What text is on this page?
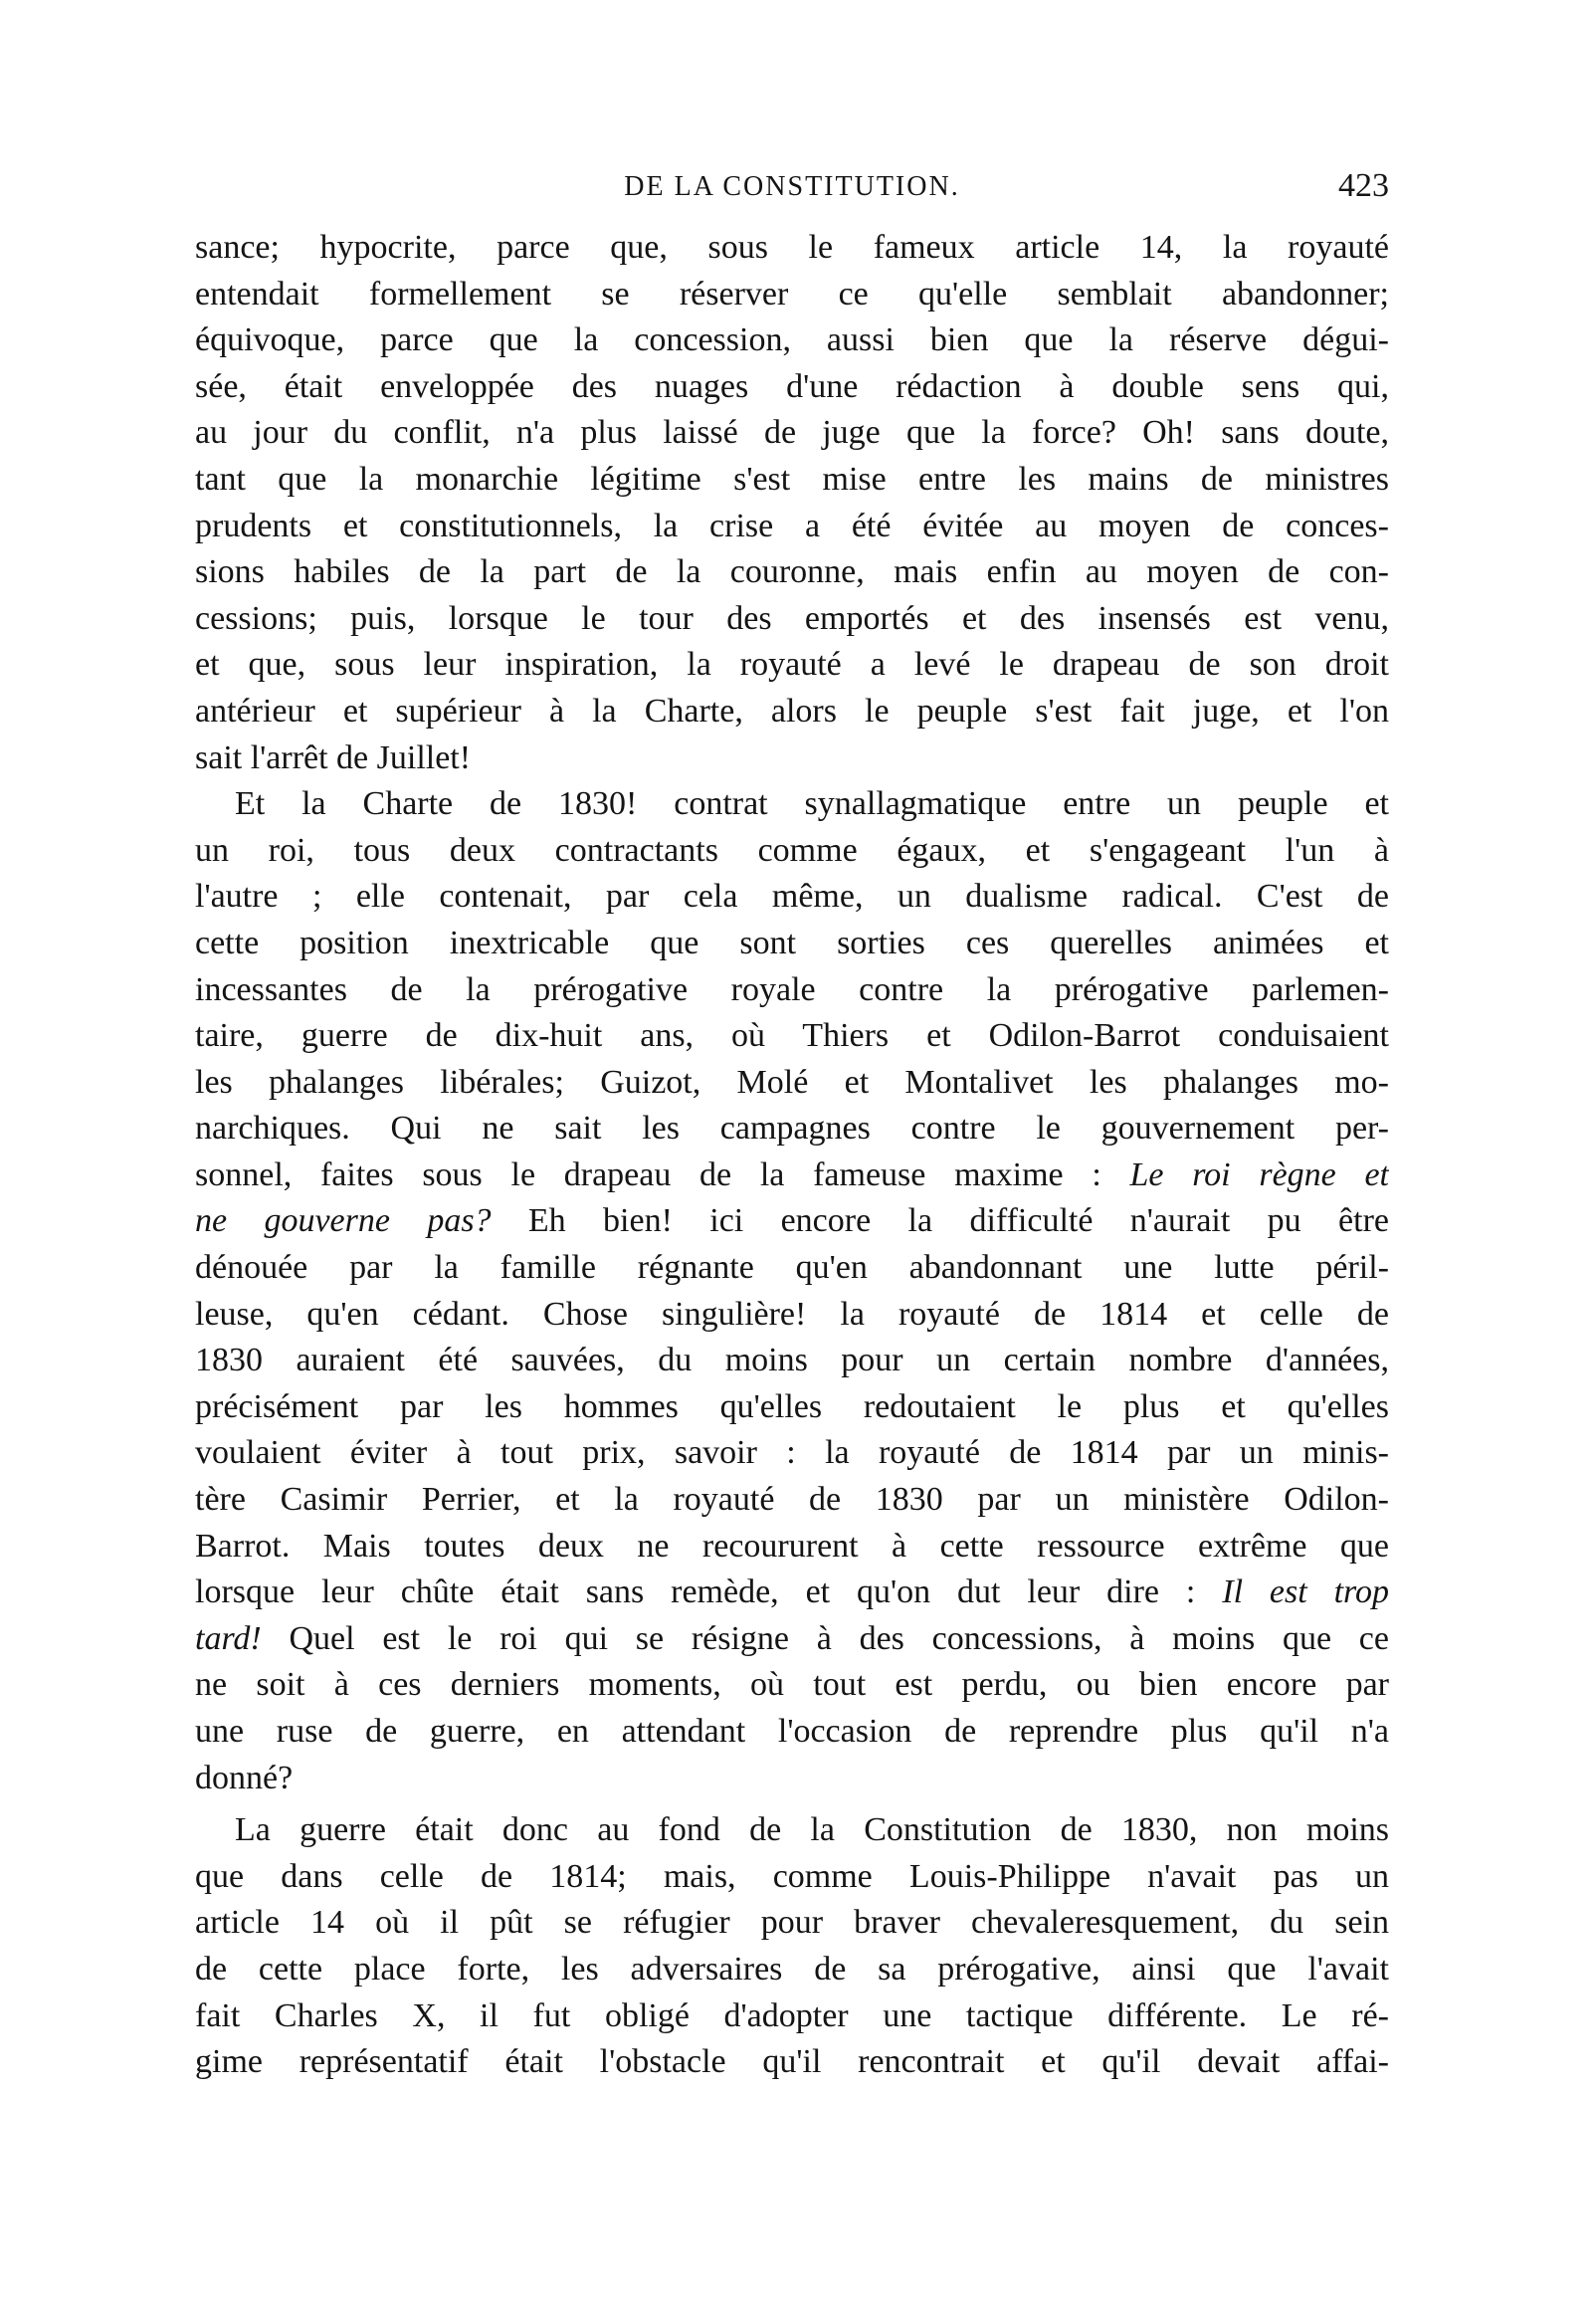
DE LA CONSTITUTION.	423
sance; hypocrite, parce que, sous le fameux article 14, la royauté
entendait formellement se réserver ce qu'elle semblait abandonner;
équivoque, parce que la concession, aussi bien que la réserve dégui-
sée, était enveloppée des nuages d'une rédaction à double sens qui,
au jour du conflit, n'a plus laissé de juge que la force? Oh! sans doute,
tant que la monarchie légitime s'est mise entre les mains de ministres
prudents et constitutionnels, la crise a été évitée au moyen de conces-
sions habiles de la part de la couronne, mais enfin au moyen de con-
cessions; puis, lorsque le tour des emportés et des insensés est venu,
et que, sous leur inspiration, la royauté a levé le drapeau de son droit
antérieur et supérieur à la Charte, alors le peuple s'est fait juge, et l'on
sait l'arrêt de Juillet!
Et la Charte de 1830! contrat synallagmatique entre un peuple et
un roi, tous deux contractants comme égaux, et s'engageant l'un à
l'autre ; elle contenait, par cela même, un dualisme radical. C'est de
cette position inextricable que sont sorties ces querelles animées et
incessantes de la prérogative royale contre la prérogative parlemen-
taire, guerre de dix-huit ans, où Thiers et Odilon-Barrot conduisaient
les phalanges libérales; Guizot, Molé et Montalivet les phalanges mo-
narchiques. Qui ne sait les campagnes contre le gouvernement per-
sonnel, faites sous le drapeau de la fameuse maxime : Le roi règne et
ne gouverne pas? Eh bien! ici encore la difficulté n'aurait pu être
dénouée par la famille régnante qu'en abandonnant une lutte péril-
leuse, qu'en cédant. Chose singulière! la royauté de 1814 et celle de
1830 auraient été sauvées, du moins pour un certain nombre d'années,
précisément par les hommes qu'elles redoutaient le plus et qu'elles
voulaient éviter à tout prix, savoir : la royauté de 1814 par un minis-
tère Casimir Perrier, et la royauté de 1830 par un ministère Odilon-
Barrot. Mais toutes deux ne recoururent à cette ressource extrême que
lorsque leur chûte était sans remède, et qu'on dut leur dire : Il est trop
tard! Quel est le roi qui se résigne à des concessions, à moins que ce
ne soit à ces derniers moments, où tout est perdu, ou bien encore par
une ruse de guerre, en attendant l'occasion de reprendre plus qu'il n'a
donné?
La guerre était donc au fond de la Constitution de 1830, non moins
que dans celle de 1814; mais, comme Louis-Philippe n'avait pas un
article 14 où il pût se réfugier pour braver chevaleresquement, du sein
de cette place forte, les adversaires de sa prérogative, ainsi que l'avait
fait Charles X, il fut obligé d'adopter une tactique différente. Le ré-
gime représentatif était l'obstacle qu'il rencontrait et qu'il devait affai-
